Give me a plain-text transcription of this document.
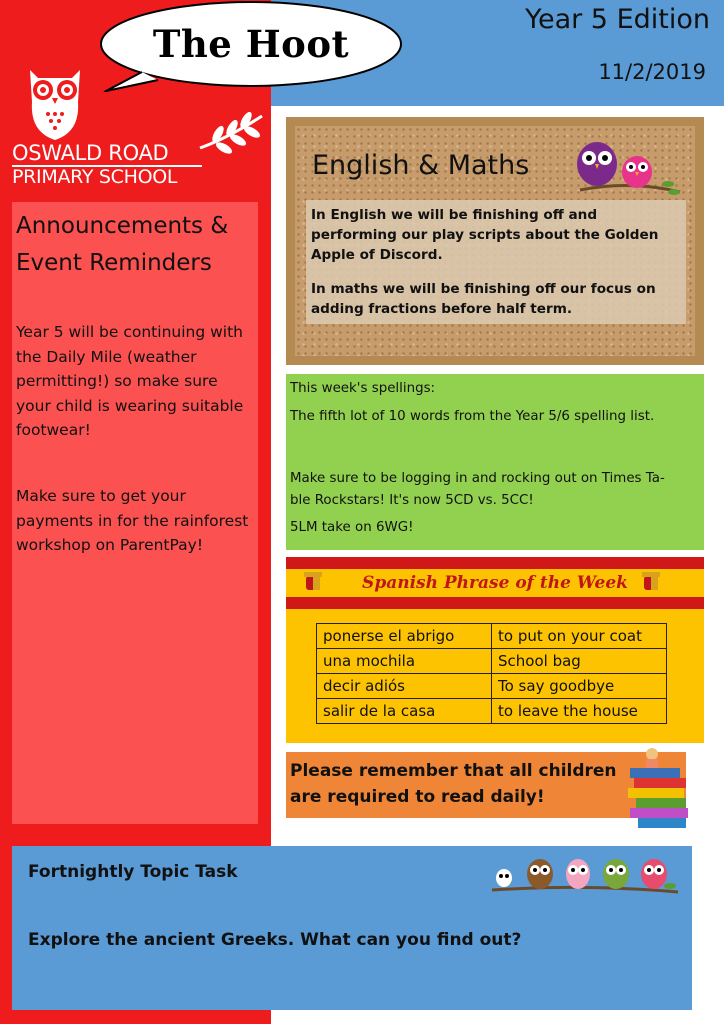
The Hoot
Year 5 Edition
11/2/2019
OSWALD ROAD
PRIMARY SCHOOL
Announcements & Event Reminders
Year 5 will be continuing with the Daily Mile (weather permitting!) so make sure your child is wearing suitable footwear!
Make sure to get your payments in for the rainforest workshop on ParentPay!
English & Maths
In English we will be finishing off and performing our play scripts about the Golden Apple of Discord.
In maths we will be finishing off our focus on adding fractions before half term.
This week's spellings:
The fifth lot of 10 words from the Year 5/6 spelling list.
Make sure to be logging in and rocking out on Times Ta-
ble Rockstars! It's now 5CD vs. 5CC!
5LM take on 6WG!
Spanish Phrase of the Week
ponerse el abrigo	to put on your coat
una mochila	School bag
decir adiós	To say goodbye
salir de la casa	to leave the house
Please remember that all children
are required to read daily!
Fortnightly Topic Task
Explore the ancient Greeks. What can you find out?
